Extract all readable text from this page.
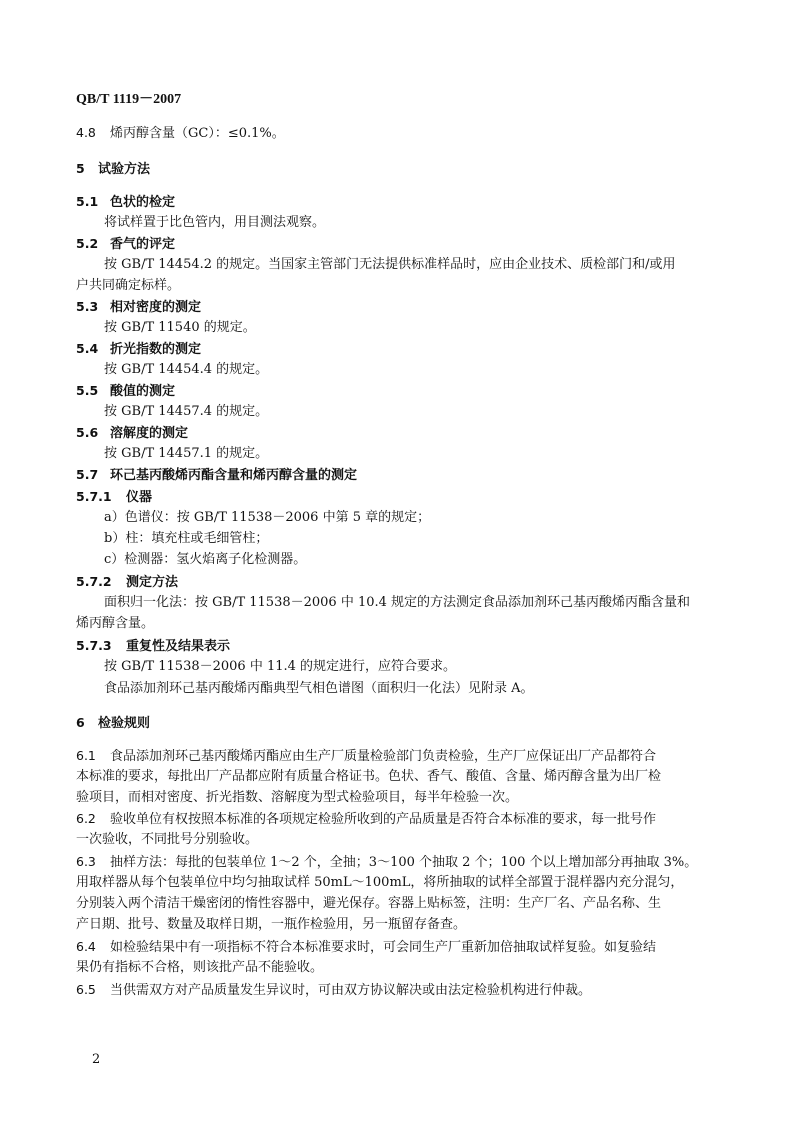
QB/T 1119－2007
4.8 烯丙醇含量（GC）：≤0.1%。
5 试验方法
5.1 色状的检定
将试样置于比色管内，用目测法观察。
5.2 香气的评定
按 GB/T 14454.2 的规定。当国家主管部门无法提供标准样品时，应由企业技术、质检部门和/或用
户共同确定标样。
5.3 相对密度的测定
按 GB/T 11540 的规定。
5.4 折光指数的测定
按 GB/T 14454.4 的规定。
5.5 酸值的测定
按 GB/T 14457.4 的规定。
5.6 溶解度的测定
按 GB/T 14457.1 的规定。
5.7 环己基丙酸烯丙酯含量和烯丙醇含量的测定
5.7.1 仪器
a）色谱仪：按 GB/T 11538－2006 中第 5 章的规定；
b）柱：填充柱或毛细管柱；
c）检测器：氢火焰离子化检测器。
5.7.2 测定方法
面积归一化法：按 GB/T 11538－2006 中 10.4 规定的方法测定食品添加剂环己基丙酸烯丙酯含量和
烯丙醇含量。
5.7.3 重复性及结果表示
按 GB/T 11538－2006 中 11.4 的规定进行，应符合要求。
食品添加剂环己基丙酸烯丙酯典型气相色谱图（面积归一化法）见附录 A。
6 检验规则
6.1 食品添加剂环己基丙酸烯丙酯应由生产厂质量检验部门负责检验，生产厂应保证出厂产品都符合
本标准的要求，每批出厂产品都应附有质量合格证书。色状、香气、酸值、含量、烯丙醇含量为出厂检
验项目，而相对密度、折光指数、溶解度为型式检验项目，每半年检验一次。
6.2 验收单位有权按照本标准的各项规定检验所收到的产品质量是否符合本标准的要求，每一批号作
一次验收，不同批号分别验收。
6.3 抽样方法：每批的包装单位 1～2 个，全抽；3～100 个抽取 2 个；100 个以上增加部分再抽取 3%。
用取样器从每个包装单位中均匀抽取试样 50mL～100mL，将所抽取的试样全部置于混样器内充分混匀，
分别装入两个清洁干燥密闭的惰性容器中，避光保存。容器上贴标签，注明：生产厂名、产品名称、生
产日期、批号、数量及取样日期，一瓶作检验用，另一瓶留存备查。
6.4 如检验结果中有一项指标不符合本标准要求时，可会同生产厂重新加倍抽取试样复验。如复验结
果仍有指标不合格，则该批产品不能验收。
6.5 当供需双方对产品质量发生异议时，可由双方协议解决或由法定检验机构进行仲裁。
2
